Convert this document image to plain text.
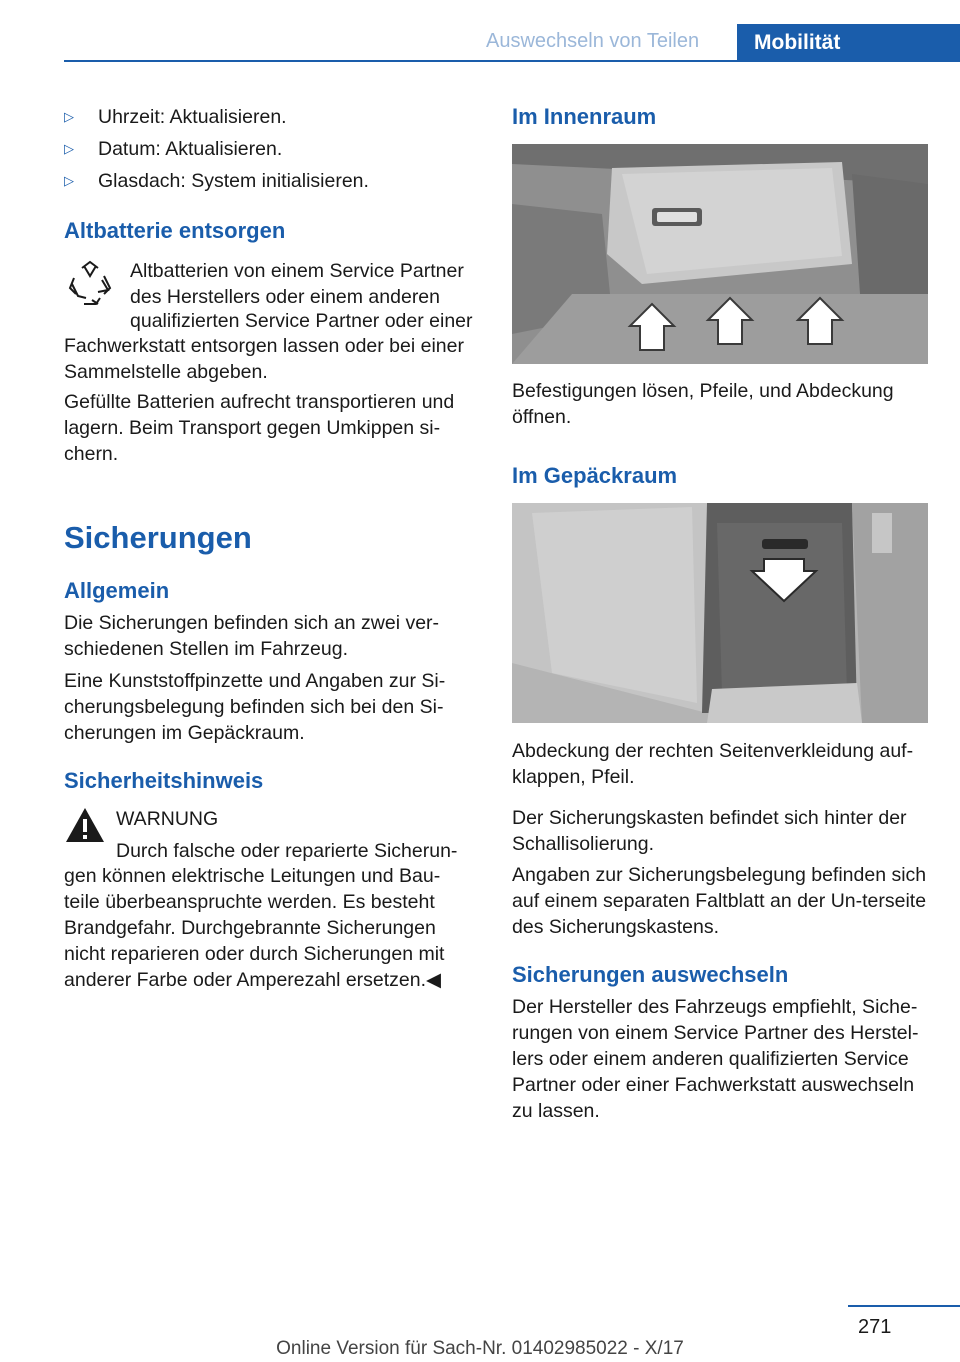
Auswechseln von Teilen	Mobilität
▷	Uhrzeit: Aktualisieren.
▷	Datum: Aktualisieren.
▷	Glasdach: System initialisieren.
Altbatterie entsorgen

Altbatterien von einem Service Partner

des Herstellers oder einem anderen

qualifizierten Service Partner oder einer

Fachwerkstatt entsorgen lassen oder bei einer Sammelstelle abgeben.

Gefüllte Batterien aufrecht transportieren und lagern. Beim Transport gegen Umkippen si‐chern.

Sicherungen
Allgemein

Die Sicherungen befinden sich an zwei ver‐schiedenen Stellen im Fahrzeug.

Eine Kunststoffpinzette und Angaben zur Si‐cherungsbelegung befinden sich bei den Si‐cherungen im Gepäckraum.

Sicherheitshinweis

WARNUNG

Durch falsche oder reparierte Sicherun‐

gen können elektrische Leitungen und Bau‐teile überbeanspruchte werden. Es besteht Brandgefahr. Durchgebrannte Sicherungen nicht reparieren oder durch Sicherungen mit anderer Farbe oder Amperezahl ersetzen.◀

Im Innenraum

Befestigungen lösen, Pfeile, und Abdeckung öffnen.

Im Gepäckraum

Abdeckung der rechten Seitenverkleidung auf‐klappen, Pfeil.

Der Sicherungskasten befindet sich hinter der Schallisolierung.

Angaben zur Sicherungsbelegung befinden sich auf einem separaten Faltblatt an der Un‐terseite des Sicherungskastens.

Sicherungen auswechseln

Der Hersteller des Fahrzeugs empfiehlt, Siche‐rungen von einem Service Partner des Herstel‐lers oder einem anderen qualifizierten Service Partner oder einer Fachwerkstatt auswechseln zu lassen.

271
Online Version für Sach-Nr. 01402985022 - X/17
